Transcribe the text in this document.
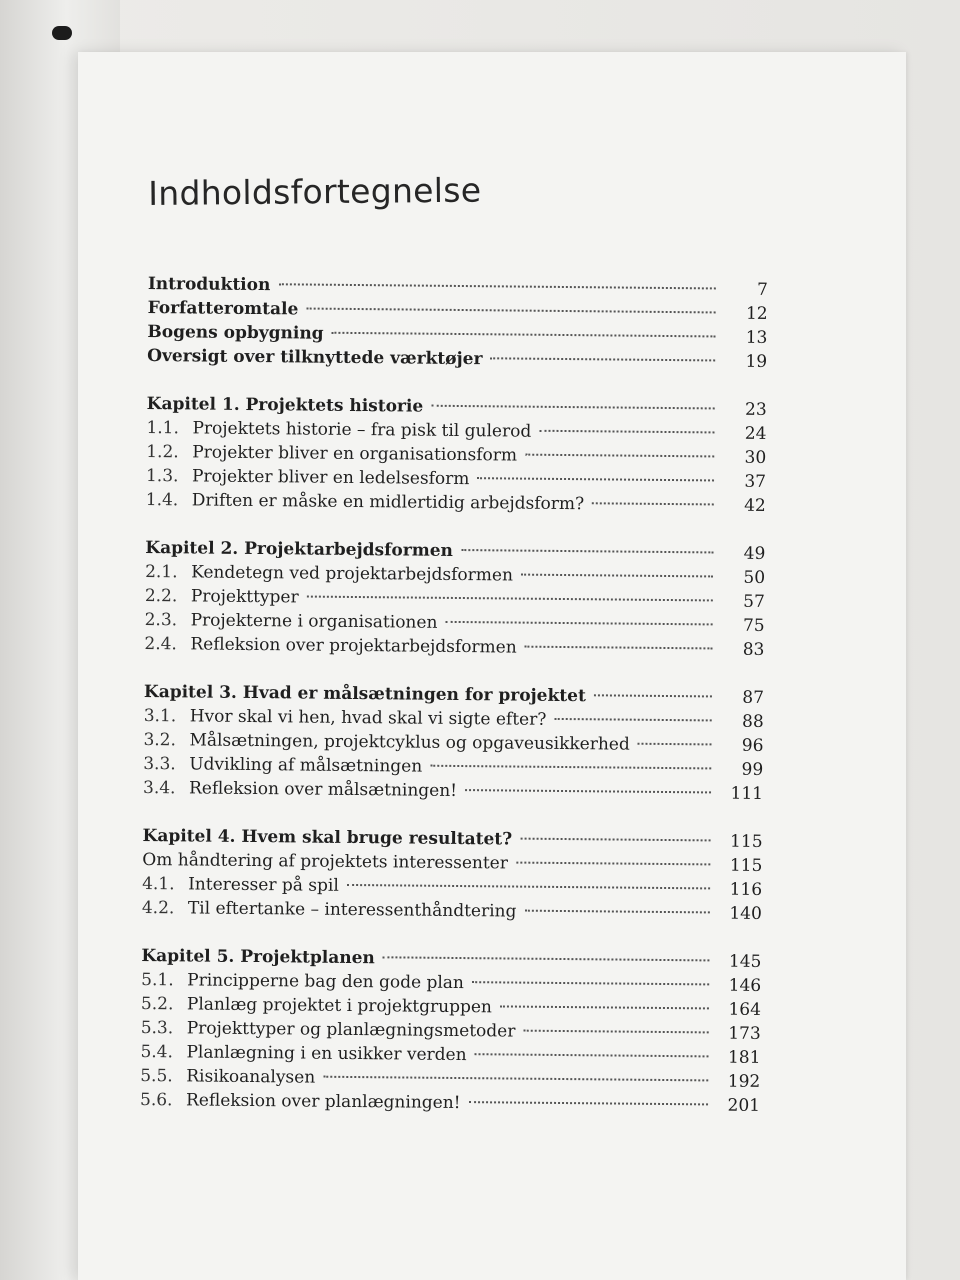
Indholdsfortegnelse
Introduktion	7
Forfatteromtale	12
Bogens opbygning	13
Oversigt over tilknyttede værktøjer	19
Kapitel 1. Projektets historie	23
1.1. Projektets historie – fra pisk til gulerod	24
1.2. Projekter bliver en organisationsform	30
1.3. Projekter bliver en ledelsesform	37
1.4. Driften er måske en midlertidig arbejdsform?	42
Kapitel 2. Projektarbejdsformen	49
2.1. Kendetegn ved projektarbejdsformen	50
2.2. Projekttyper	57
2.3. Projekterne i organisationen	75
2.4. Refleksion over projektarbejdsformen	83
Kapitel 3. Hvad er målsætningen for projektet	87
3.1. Hvor skal vi hen, hvad skal vi sigte efter?	88
3.2. Målsætningen, projektcyklus og opgaveusikkerhed	96
3.3. Udvikling af målsætningen	99
3.4. Refleksion over målsætningen!	111
Kapitel 4. Hvem skal bruge resultatet?	115
Om håndtering af projektets interessenter	115
4.1. Interesser på spil	116
4.2. Til eftertanke – interessenthåndtering	140
Kapitel 5. Projektplanen	145
5.1. Principperne bag den gode plan	146
5.2. Planlæg projektet i projektgruppen	164
5.3. Projekttyper og planlægningsmetoder	173
5.4. Planlægning i en usikker verden	181
5.5. Risikoanalysen	192
5.6. Refleksion over planlægningen!	201
